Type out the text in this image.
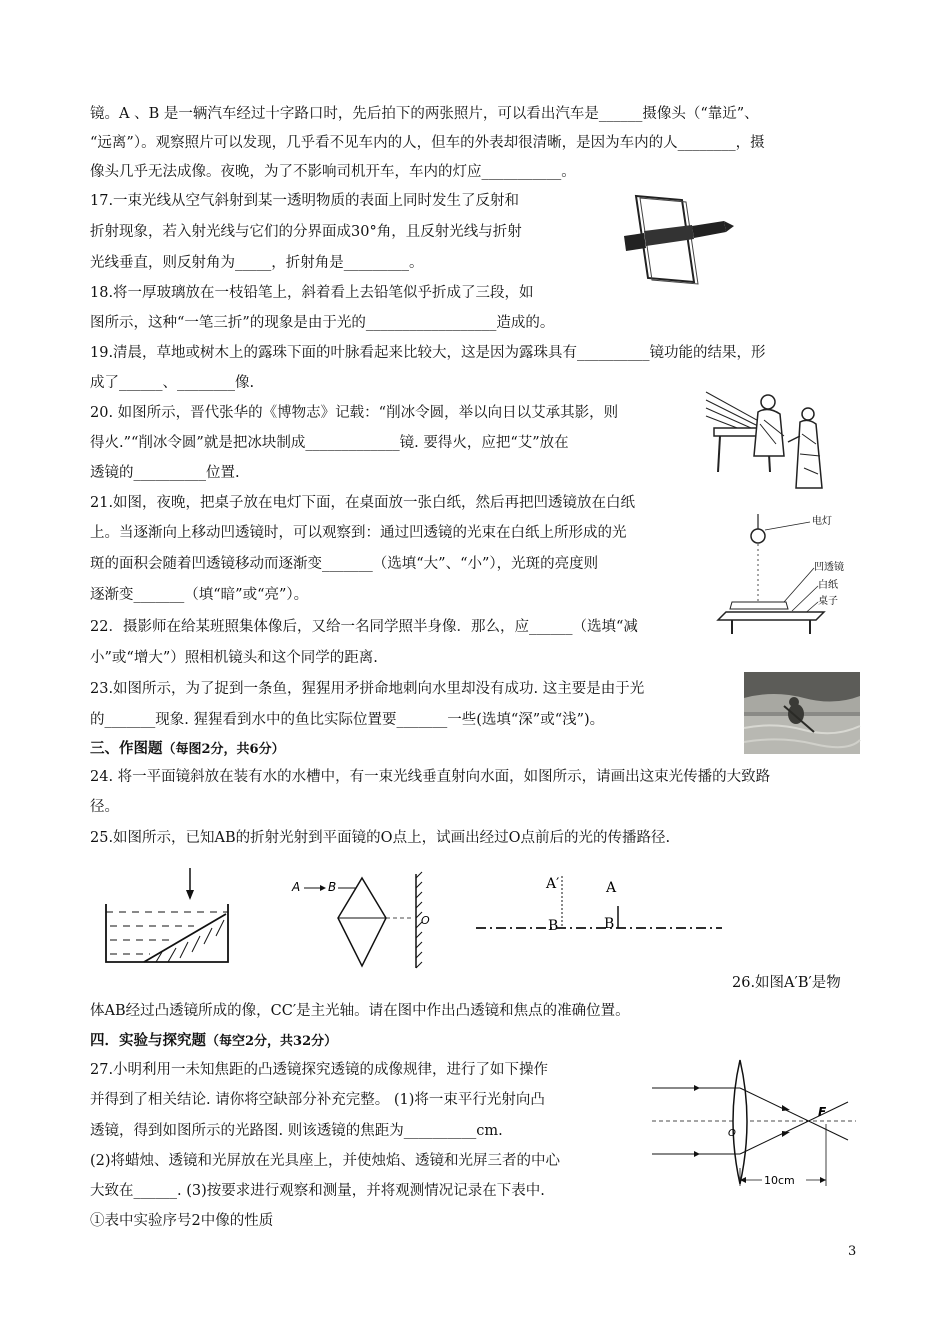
镜。A 、B 是一辆汽车经过十字路口时，先后拍下的两张照片，可以看出汽车是______摄像头（“靠近”、
“远离”）。观察照片可以发现，几乎看不见车内的人，但车的外表却很清晰，是因为车内的人________，摄
像头几乎无法成像。夜晚，为了不影响司机开车，车内的灯应___________。
17.一束光线从空气斜射到某一透明物质的表面上同时发生了反射和
折射现象，若入射光线与它们的分界面成30°角，且反射光线与折射
光线垂直，则反射角为_____，折射角是_________。
18.将一厚玻璃放在一枝铅笔上，斜着看上去铅笔似乎折成了三段，如
图所示，这种“一笔三折”的现象是由于光的__________________造成的。
19.清晨，草地或树木上的露珠下面的叶脉看起来比较大，这是因为露珠具有__________镜功能的结果，形
成了______、________像.
20. 如图所示，晋代张华的《博物志》记载：“削冰令圆，举以向日以艾承其影，则
得火.”“削冰令圆”就是把冰块制成_____________镜. 要得火，应把“艾”放在
透镜的__________位置.
21.如图，夜晚，把桌子放在电灯下面，在桌面放一张白纸，然后再把凹透镜放在白纸
上。当逐渐向上移动凹透镜时，可以观察到：通过凹透镜的光束在白纸上所形成的光
斑的面积会随着凹透镜移动而逐渐变_______（选填“大”、“小”），光斑的亮度则
逐渐变_______（填“暗”或“亮”）。
22．摄影师在给某班照集体像后，又给一名同学照半身像．那么，应______（选填“减
小”或“增大”）照相机镜头和这个同学的距离.
23.如图所示，为了捉到一条鱼，猩猩用矛拼命地刺向水里却没有成功. 这主要是由于光
的_______现象. 猩猩看到水中的鱼比实际位置要_______一些(选填“深”或“浅”)。
三、作图题（每图2分，共6分）
24. 将一平面镜斜放在装有水的水槽中，有一束光线垂直射向水面，如图所示，请画出这束光传播的大致路
径。
25.如图所示，已知AB的折射光射到平面镜的O点上，试画出经过O点前后的光的传播路径.
26.如图A′B′是物
体AB经过凸透镜所成的像，CC′是主光轴。请在图中作出凸透镜和焦点的准确位置。
四．实验与探究题（每空2分，共32分）
27.小明利用一未知焦距的凸透镜探究透镜的成像规律，进行了如下操作
并得到了相关结论. 请你将空缺部分补充完整。 (1)将一束平行光射向凸
透镜，得到如图所示的光路图. 则该透镜的焦距为__________cm.
(2)将蜡烛、透镜和光屏放在光具座上，并使烛焰、透镜和光屏三者的中心
大致在______. (3)按要求进行观察和测量，并将观测情况记录在下表中.
①表中实验序号2中像的性质
3
电灯
凹透镜
白纸
桌子
A B
O
A′
B
A
B
O
F
10cm
